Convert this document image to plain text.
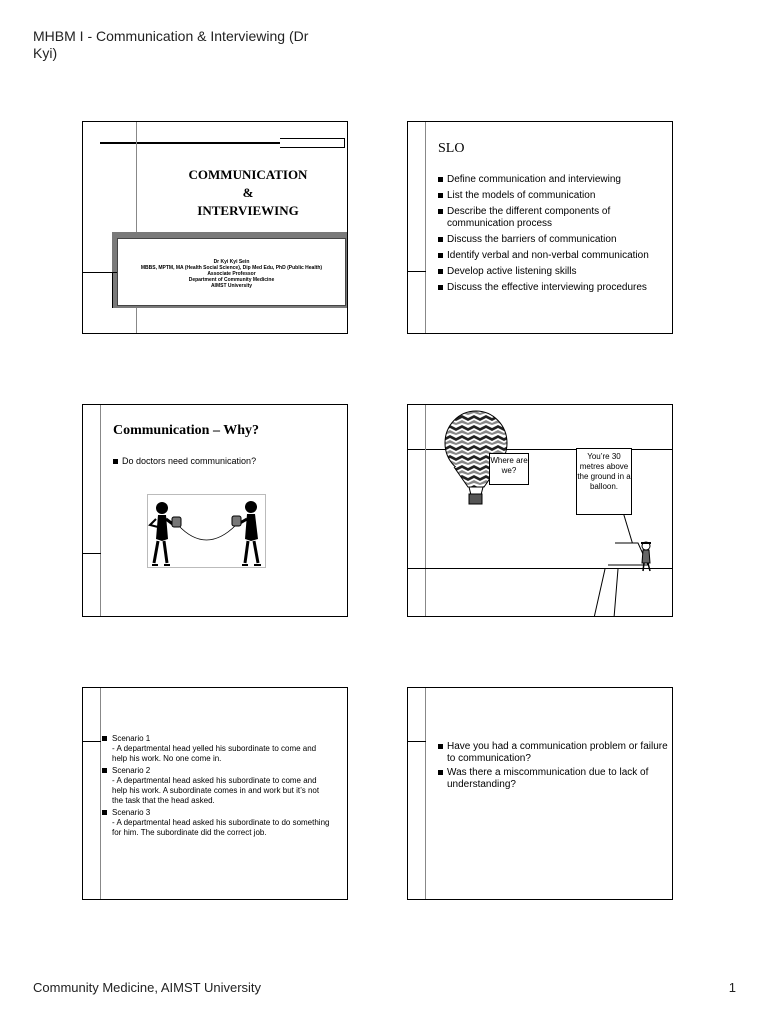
MHBM I - Communication & Interviewing (Dr Kyi)
COMMUNICATION
&
INTERVIEWING
Dr Kyi Kyi Sein
MBBS, MPTM, MA (Health Social Science), Dip Med Edu, PhD (Public Health)
Associate Professor
Department of Community Medicine
AIMST University
SLO
Define communication and interviewing
List the models of communication
Describe the different components of communication process
Discuss the barriers of communication
Identify verbal and non-verbal communication
Develop active listening skills
Discuss the effective interviewing procedures
Communication – Why?
Do doctors need communication?	Where are we?
You’re 30 metres above the ground in a balloon.
Scenario 1
- A departmental head yelled his subordinate to come and help his work. No one come in.
Scenario 2
- A departmental head asked his subordinate to come and help his work. A subordinate comes in and work but it’s not the task that the head asked.
Scenario 3
- A departmental head asked his subordinate to do something for him. The subordinate did the correct job.
Have you had a communication problem or failure to communication?
Was there a miscommunication due to lack of understanding?
Community Medicine, AIMST University	1
